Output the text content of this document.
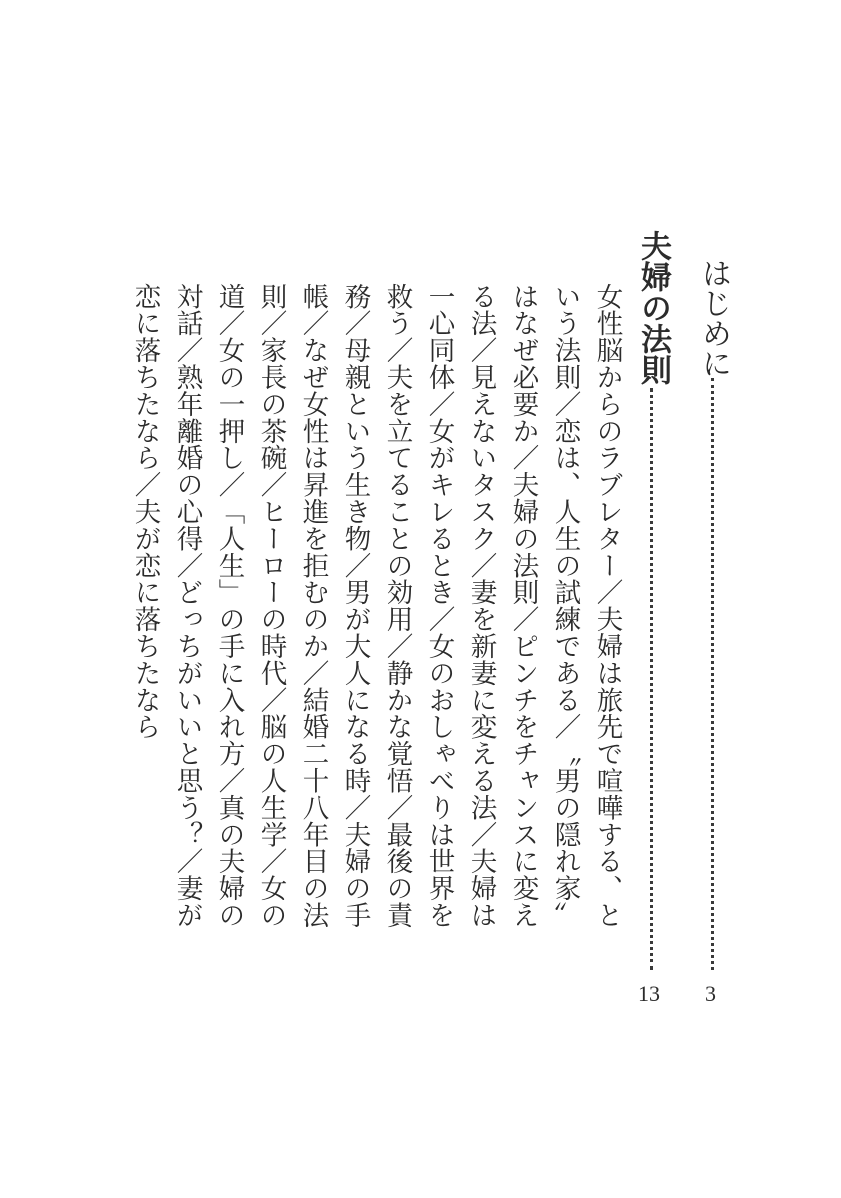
はじめに
3
夫婦の法則
13
女性脳からのラブレター／夫婦は旅先で喧嘩する、と
いう法則／恋は、人生の試練である／〝男の隠れ家〟
はなぜ必要か／夫婦の法則／ピンチをチャンスに変え
る法／見えないタスク／妻を新妻に変える法／夫婦は
一心同体／女がキレるとき／女のおしゃべりは世界を
救う／夫を立てることの効用／静かな覚悟／最後の責
務／母親という生き物／男が大人になる時／夫婦の手
帳／なぜ女性は昇進を拒むのか／結婚二十八年目の法
則／家長の茶碗／ヒーローの時代／脳の人生学／女の
道／女の一押し／「人生」の手に入れ方／真の夫婦の
対話／熟年離婚の心得／どっちがいいと思う？／妻が
恋に落ちたなら／夫が恋に落ちたなら
